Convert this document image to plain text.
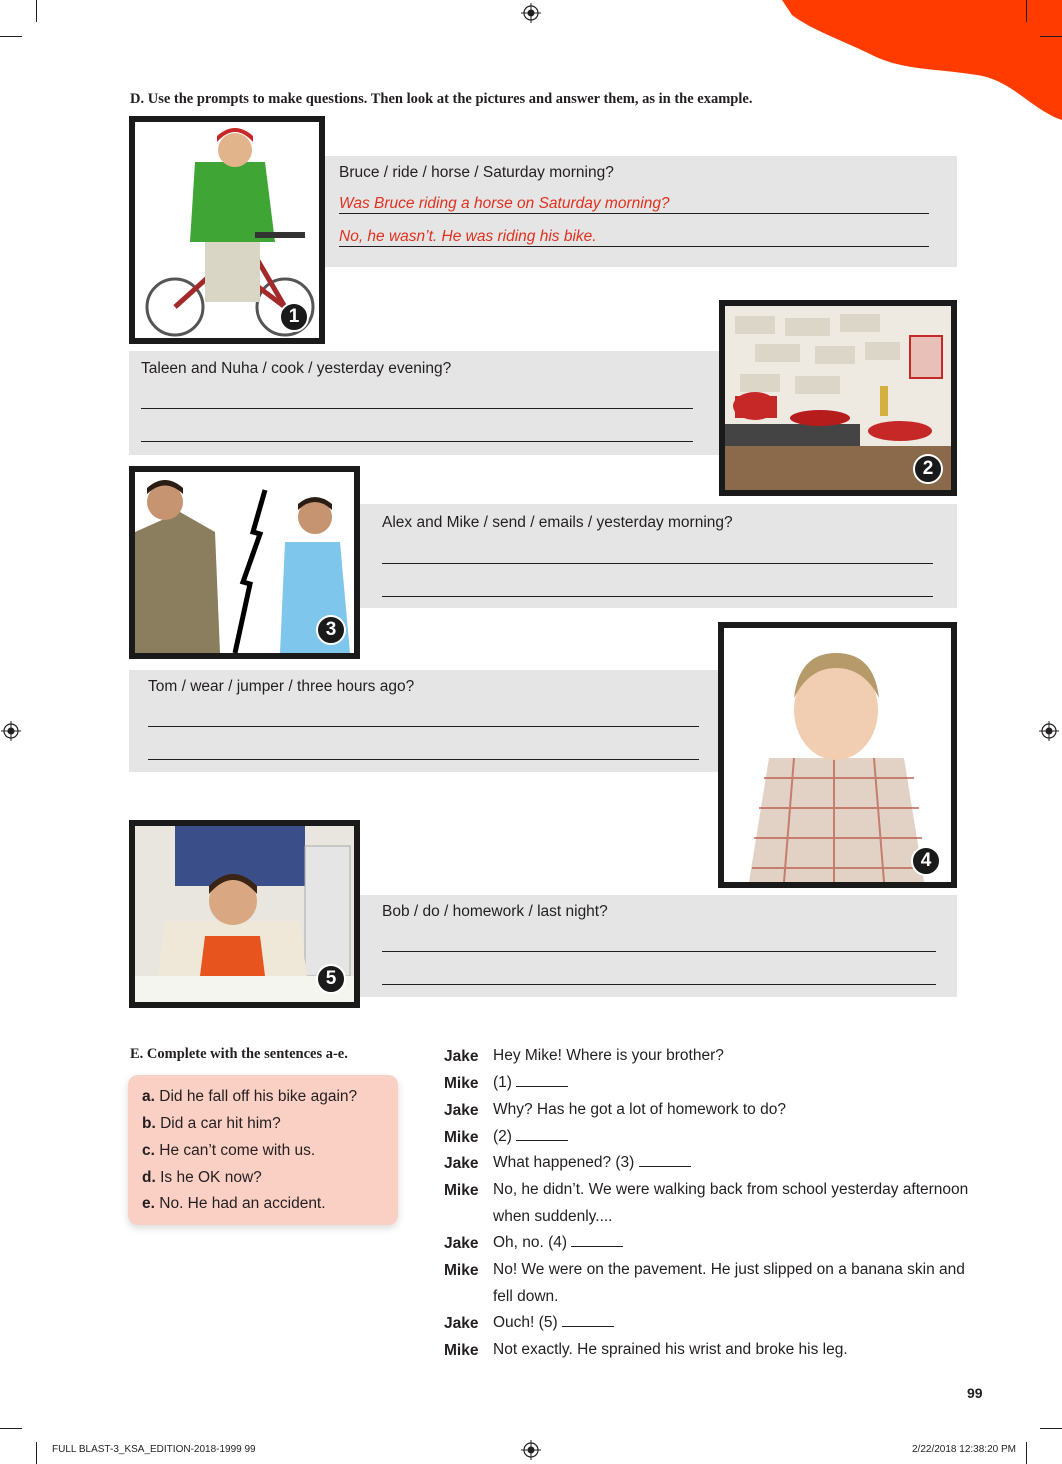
D. Use the prompts to make questions. Then look at the pictures and answer them, as in the example.
Bruce / ride / horse / Saturday morning?
Was Bruce riding a horse on Saturday morning?
No, he wasn’t. He was riding his bike.
1
Taleen and Nuha / cook / yesterday evening?
2
Alex and Mike / send / emails / yesterday morning?
3
Tom / wear / jumper / three hours ago?
4
Bob / do / homework / last night?
5
E. Complete with the sentences a-e.
a. Did he fall off his bike again?
b. Did a car hit him?
c. He can’t come with us.
d. Is he OK now?
e. No. He had an accident.
Jake Hey Mike! Where is your brother?
Mike (1)
Jake Why? Has he got a lot of homework to do?
Mike (2)
Jake What happened? (3)
Mike No, he didn’t. We were walking back from school yesterday afternoon when suddenly....
Jake Oh, no. (4)
Mike No! We were on the pavement. He just slipped on a banana skin and fell down.
Jake Ouch! (5)
Mike Not exactly. He sprained his wrist and broke his leg.
99
FULL BLAST-3_KSA_EDITION-2018-1999 99	2/22/2018 12:38:20 PM
